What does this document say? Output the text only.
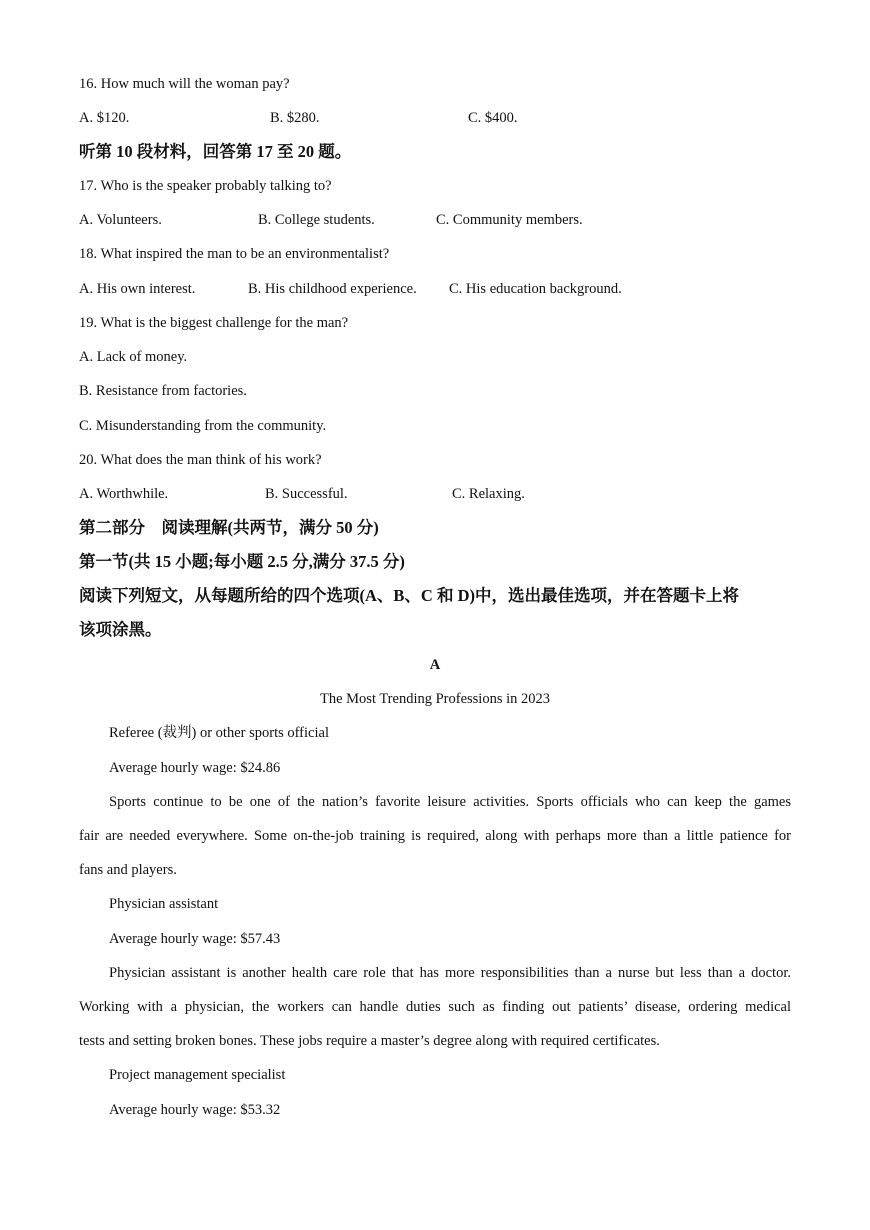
16. How much will the woman pay?
A. $120.	B. $280.	C. $400.
听第 10 段材料，回答第 17 至 20 题。
17. Who is the speaker probably talking to?
A. Volunteers.	B. College students.	C. Community members.
18. What inspired the man to be an environmentalist?
A. His own interest.	B. His childhood experience. C. His education background.
19. What is the biggest challenge for the man?
A. Lack of money.
B. Resistance from factories.
C. Misunderstanding from the community.
20. What does the man think of his work?
A. Worthwhile.	B. Successful.	C. Relaxing.
第二部分　阅读理解(共两节，满分 50 分)
第一节(共 15 小题;每小题 2.5 分,满分 37.5 分)
阅读下列短文，从每题所给的四个选项(A、B、C 和 D)中，选出最佳选项，并在答题卡上将
该项涂黑。
A
The Most Trending Professions in 2023
Referee (裁判) or other sports official
Average hourly wage: $24.86
Sports continue to be one of the nation’s favorite leisure activities. Sports officials who can keep the games
fair are needed everywhere. Some on-the-job training is required, along with perhaps more than a little patience for
fans and players.
Physician assistant
Average hourly wage: $57.43
Physician assistant is another health care role that has more responsibilities than a nurse but less than a doctor.
Working with a physician, the workers can handle duties such as finding out patients’ disease, ordering medical
tests and setting broken bones. These jobs require a master’s degree along with required certificates.
Project management specialist
Average hourly wage: $53.32
